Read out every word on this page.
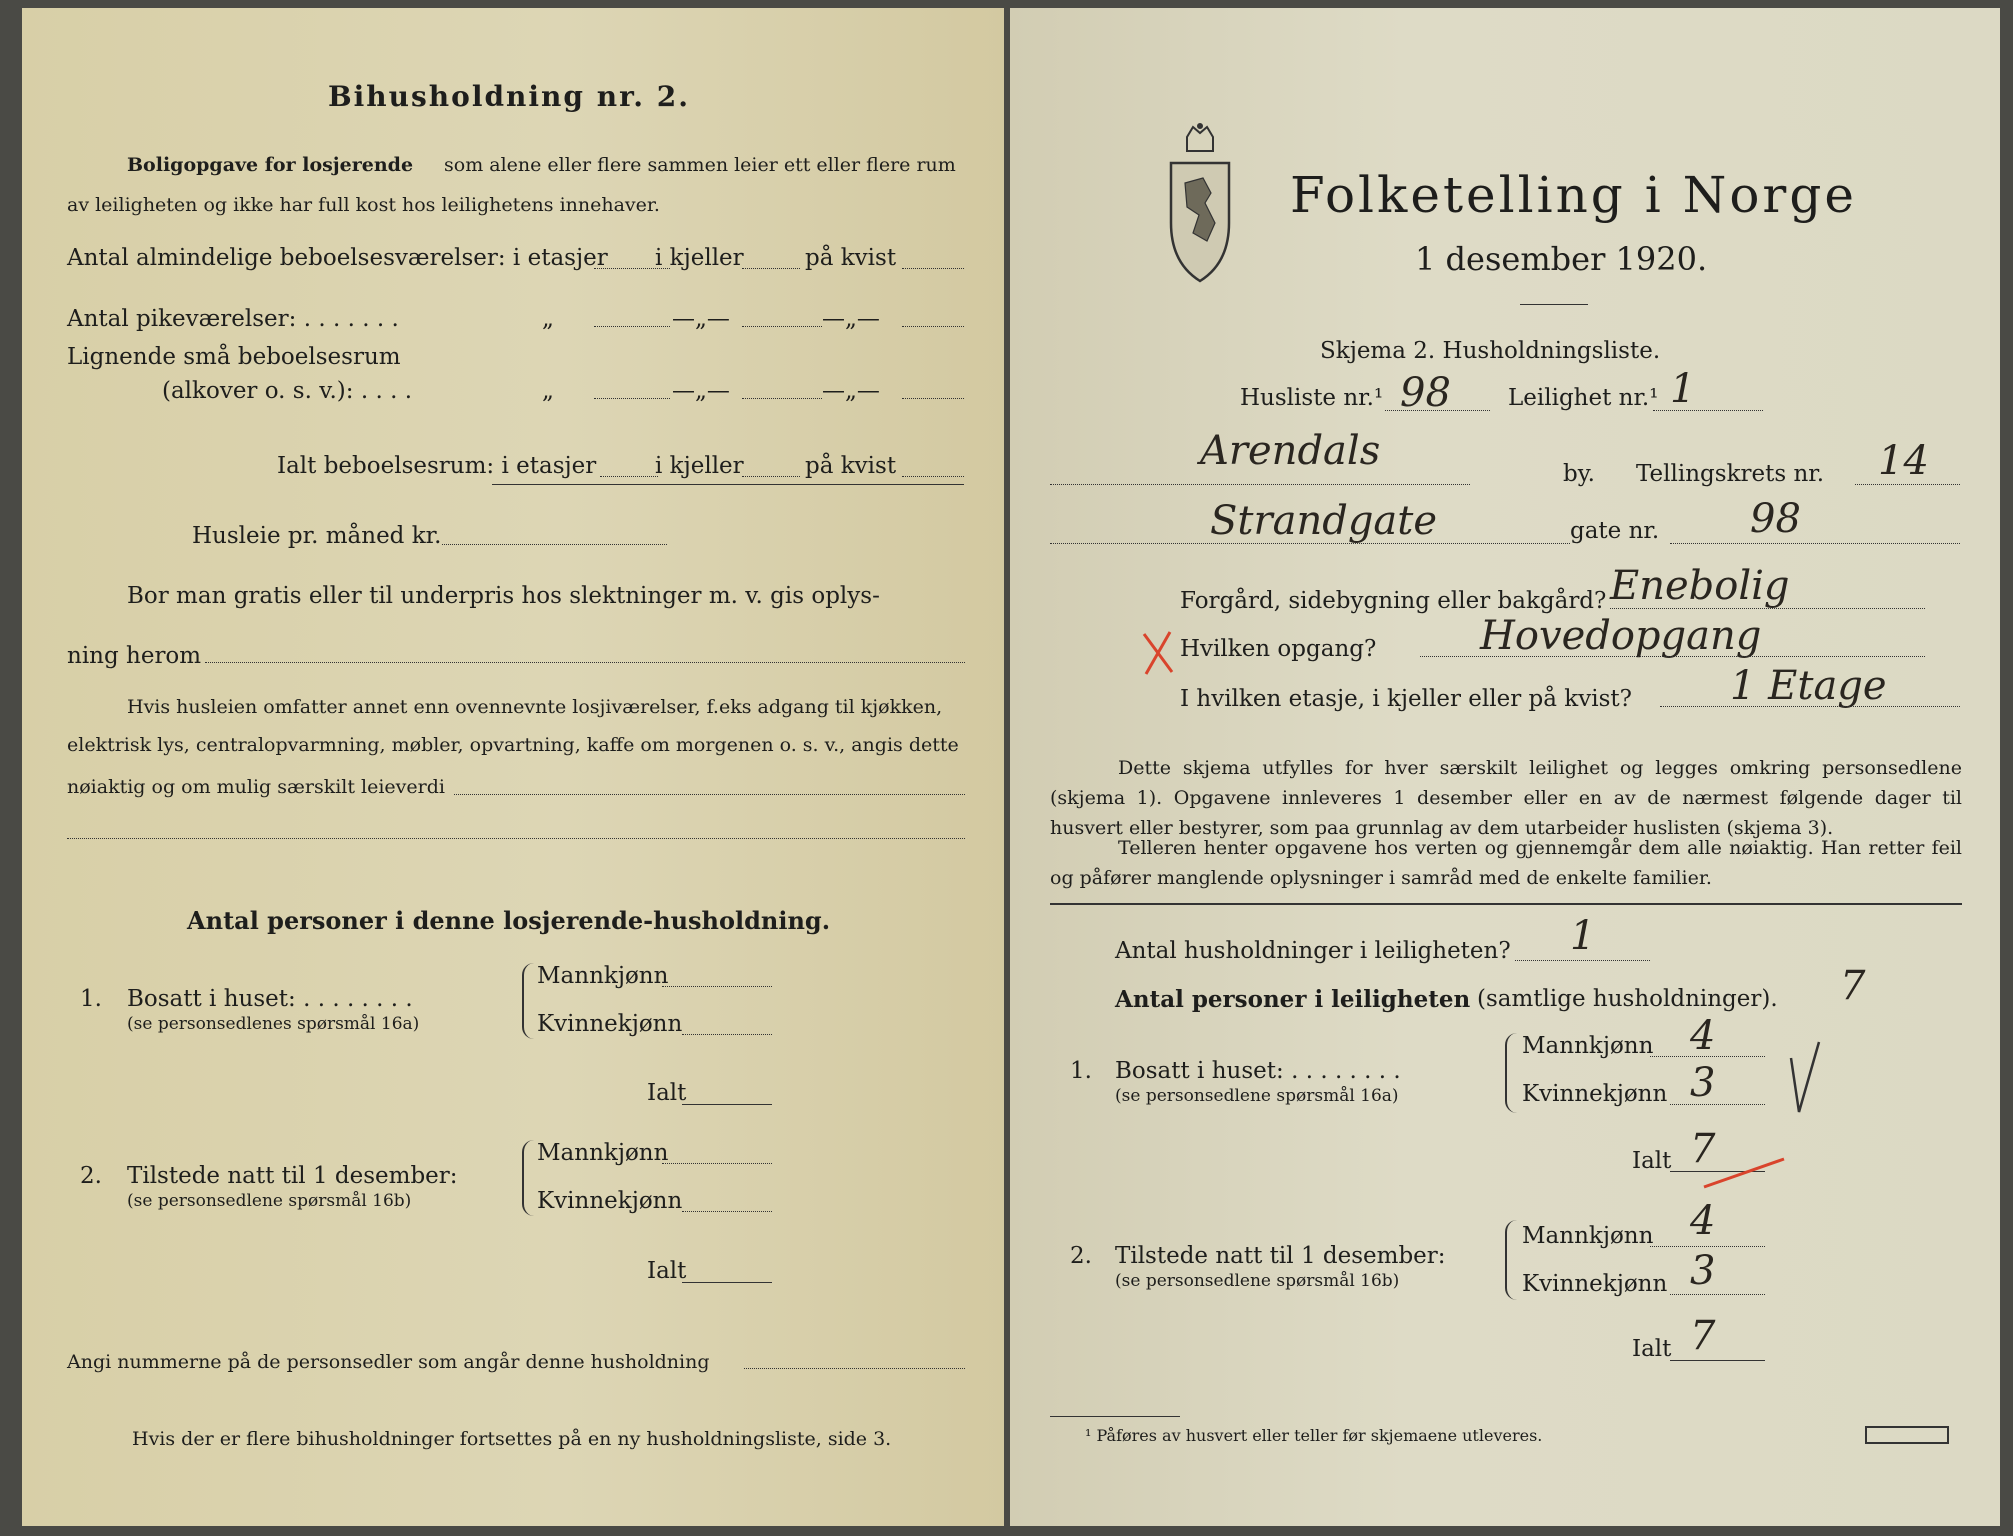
Bihusholdning nr. 2.
Boligopgave for losjerende som alene eller flere sammen leier ett eller flere rum
av leiligheten og ikke har full kost hos leilighetens innehaver.
Antal almindelige beboelsesværelser: i etasjer i kjeller	på kvist
Antal pikeværelser: . . . . . . .	„	—„—	—„—
Lignende små beboelsesrum
(alkover o. s. v.): . . . .	„	—„—	—„—
Ialt beboelsesrum: i etasjer	i kjeller	på kvist
Husleie pr. måned kr.
Bor man gratis eller til underpris hos slektninger m. v. gis oplys-
ning herom
Hvis husleien omfatter annet enn ovennevnte losjiværelser, f.eks adgang til kjøkken,
elektrisk lys, centralopvarmning, møbler, opvartning, kaffe om morgenen o. s. v., angis dette
nøiaktig og om mulig særskilt leieverdi
Antal personer i denne losjerende-husholdning.
1. Bosatt i huset: . . . . . . . .
(se personsedlenes spørsmål 16a)
Mannkjønn
Kvinnekjønn
Ialt
2. Tilstede natt til 1 desember:
(se personsedlene spørsmål 16b)
Mannkjønn
Kvinnekjønn
Ialt
Angi nummerne på de personsedler som angår denne husholdning
Hvis der er flere bihusholdninger fortsettes på en ny husholdningsliste, side 3.
Folketelling i Norge
1 desember 1920.
Skjema 2. Husholdningsliste.
Husliste nr.¹ 98 Leilighet nr.¹ 1
Arendals	by. Tellingskrets nr. 14
Strandgate	gate nr. 98
Forgård, sidebygning eller bakgård? Enebolig
Hvilken opgang?	Hovedopgang
I hvilken etasje, i kjeller eller på kvist? 1 Etage
Dette skjema utfylles for hver særskilt leilighet og legges omkring personsedlene (skjema 1). Opgavene innleveres 1 desember eller en av de nærmest følgende dager til husvert eller bestyrer, som paa grunnlag av dem utarbeider huslisten (skjema 3).
Telleren henter opgavene hos verten og gjennemgår dem alle nøiaktig. Han retter feil og påfører manglende oplysninger i samråd med de enkelte familier.
Antal husholdninger i leiligheten? 1
Antal personer i leiligheten (samtlige husholdninger). 7
1. Bosatt i huset: . . . . . . . .
(se personsedlene spørsmål 16a)
Mannkjønn 4
Kvinnekjønn 3
Ialt 7
2. Tilstede natt til 1 desember:
(se personsedlene spørsmål 16b)
Mannkjønn 4
Kvinnekjønn 3
Ialt 7
¹ Påføres av husvert eller teller før skjemaene utleveres.
